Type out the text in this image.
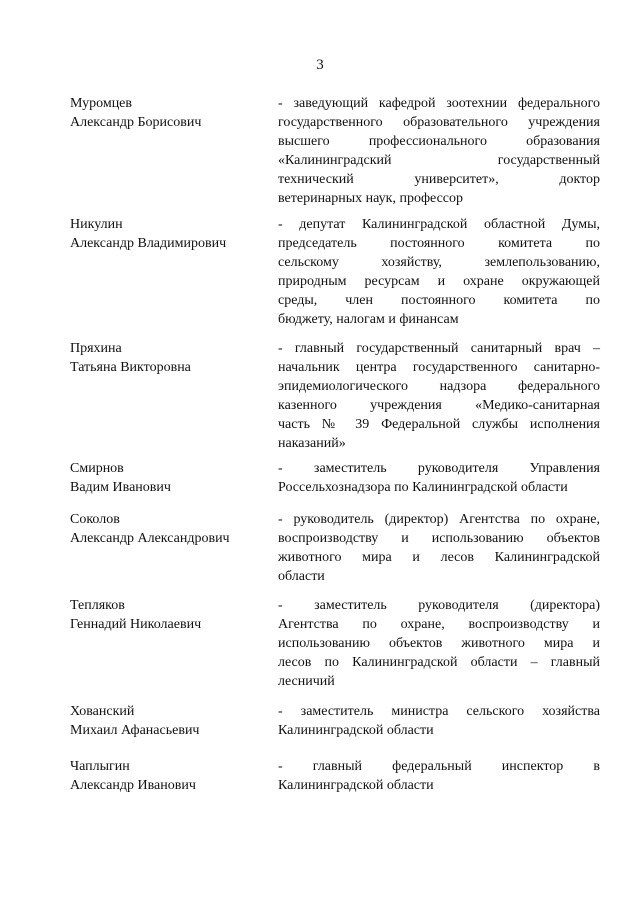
3
Муромцев
Александр Борисович
- заведующий кафедрой зоотехнии федерального
государственного образовательного учреждения
высшего профессионального образования
«Калининградский государственный
технический университет», доктор
ветеринарных наук, профессор
Никулин
Александр Владимирович
- депутат Калининградской областной Думы,
председатель постоянного комитета по
сельскому хозяйству, землепользованию,
природным ресурсам и охране окружающей
среды, член постоянного комитета по
бюджету, налогам и финансам
Пряхина
Татьяна Викторовна
- главный государственный санитарный врач –
начальник центра государственного санитарно-
эпидемиологического надзора федерального
казенного учреждения «Медико-санитарная
часть № 39 Федеральной службы исполнения
наказаний»
Смирнов
Вадим Иванович
- заместитель руководителя Управления
Россельхознадзора по Калининградской области
Соколов
Александр Александрович
- руководитель (директор) Агентства по охране,
воспроизводству и использованию объектов
животного мира и лесов Калининградской
области
Тепляков
Геннадий Николаевич
- заместитель руководителя (директора)
Агентства по охране, воспроизводству и
использованию объектов животного мира и
лесов по Калининградской области – главный
лесничий
Хованский
Михаил Афанасьевич
- заместитель министра сельского хозяйства
Калининградской области
Чаплыгин
Александр Иванович
- главный федеральный инспектор в
Калининградской области
